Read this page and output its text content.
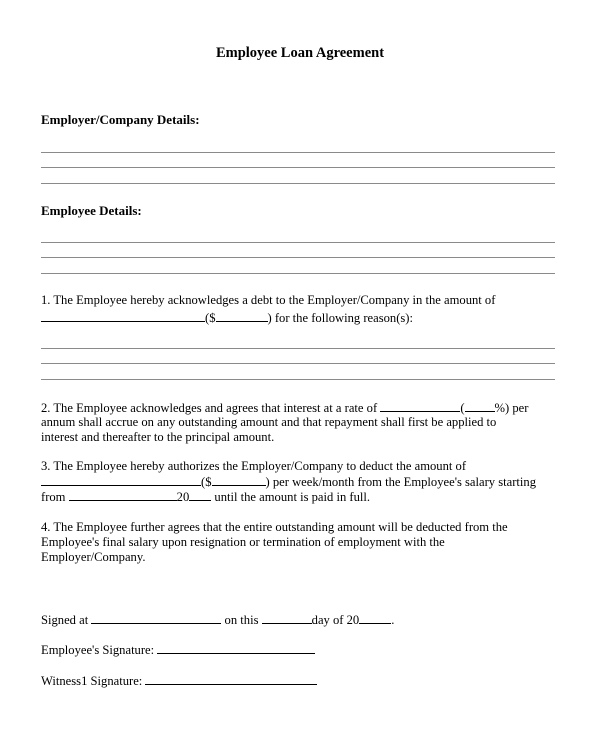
Employee Loan Agreement
Employer/Company Details:
Employee Details:
1. The Employee hereby acknowledges a debt to the Employer/Company in the amount of
($	) for the following reason(s):
2. The Employee acknowledges and agrees that interest at a rate of	( %) per
annum shall accrue on any outstanding amount and that repayment shall first be applied to
interest and thereafter to the principal amount.
3. The Employee hereby authorizes the Employer/Company to deduct the amount of
($	) per week/month from the Employee's salary starting
from	20 until the amount is paid in full.
4. The Employee further agrees that the entire outstanding amount will be deducted from the
Employee's final salary upon resignation or termination of employment with the
Employer/Company.
Signed at	on this	day of 20	.
Employee's Signature:
Witness1 Signature:
